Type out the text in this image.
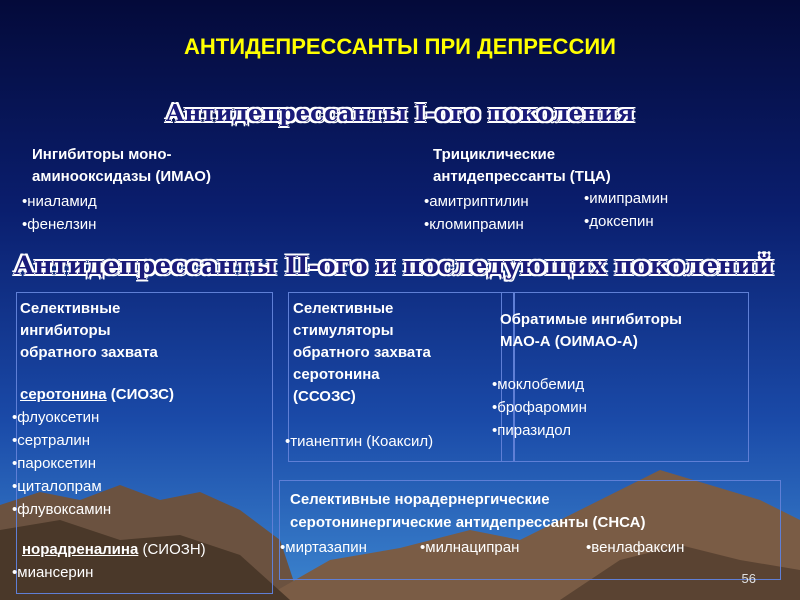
АНТИДЕПРЕССАНТЫ ПРИ ДЕПРЕССИИ
Антидепрессанты I-ого поколения
Ингибиторы моно-
аминооксидазы (ИМАО)
• ниаламид
• фенелзин
Трициклические
антидепрессанты (ТЦА)
• амитриптилин
• кломипрамин
• имипрамин
• доксепин
Антидепрессанты II-ого и последующих поколений
Селективные
ингибиторы
обратного захвата
серотонина (СИОЗС)
• флуоксетин
• сертралин
• пароксетин
• циталопрам
• флувоксамин
норадреналина (СИОЗН)
• миансерин
Селективные
стимуляторы
обратного захвата
серотонина
(ССОЗС)
• тианептин (Коаксил)
Обратимые ингибиторы
МАО-А (ОИМАО-А)
• моклобемид
• брофаромин
• пиразидол
Селективные норадернергические
серотонинергические антидепрессанты (СНСА)
• миртазапин	• милнаципран	• венлафаксин
56
